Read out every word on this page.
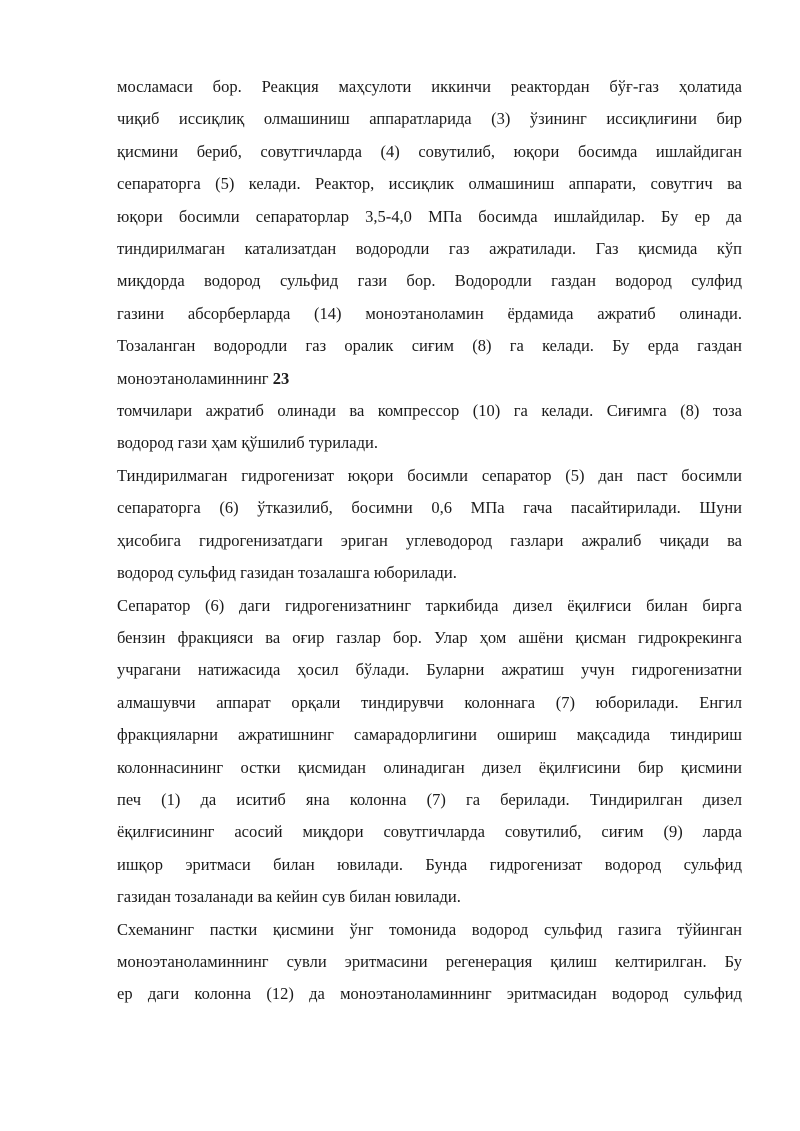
мосламаси бор. Реакция маҳсулоти иккинчи реактордан бўғ-газ ҳолатида

чиқиб иссиқлиқ олмашиниш аппаратларида (3) ўзининг иссиқлиғини бир

қисмини бериб, совутгичларда (4) совутилиб, юқори босимда ишлайдиган

сепараторга (5) келади. Реактор, иссиқлик олмашиниш аппарати, совутгич ва

юқори босимли сепараторлар 3,5-4,0 МПа босимда ишлайдилар. Бу ер да

тиндирилмаган катализатдан водородли газ ажратилади. Газ қисмида кўп

миқдорда водород сульфид гази бор. Водородли газдан водород сулфид

газини абсорберларда (14) моноэтаноламин ёрдамида ажратиб олинади.

Тозаланган водородли газ оралик сиғим (8) га келади. Бу ерда газдан

моноэтаноламиннинг 23

томчилари ажратиб олинади ва компрессор (10) га келади. Сиғимга (8) тоза

водород гази ҳам қўшилиб турилади.

Тиндирилмаган гидрогенизат юқори босимли сепаратор (5) дан паст босимли

сепараторга (6) ўтказилиб, босимни 0,6 МПа гача пасайтирилади. Шуни

ҳисобига гидрогенизатдаги эриган углеводород газлари ажралиб чиқади ва

водород сульфид газидан тозалашга юборилади.

Сепаратор (6) даги гидрогенизатнинг таркибида дизел ёқилғиси билан бирга

бензин фракцияси ва оғир газлар бор. Улар ҳом ашёни қисман гидрокрекинга

учрагани натижасида ҳосил бўлади. Буларни ажратиш учун гидрогенизатни

алмашувчи аппарат орқали тиндирувчи колоннага (7) юборилади. Енгил

фракцияларни ажратишнинг самарадорлигини ошириш мақсадида тиндириш

колоннасининг остки қисмидан олинадиган дизел ёқилғисини бир қисмини

печ (1) да иситиб яна колонна (7) га берилади. Тиндирилган дизел

ёқилғисининг асосий миқдори совутгичларда совутилиб, сиғим (9) ларда

ишқор эритмаси билан ювилади. Бунда гидрогенизат водород сульфид

газидан тозаланади ва кейин сув билан ювилади.

Схеманинг пастки қисмини ўнг томонида водород сульфид газига тўйинган

моноэтаноламиннинг сувли эритмасини регенерация қилиш келтирилган. Бу

ер даги колонна (12) да моноэтаноламиннинг эритмасидан водород сульфид
